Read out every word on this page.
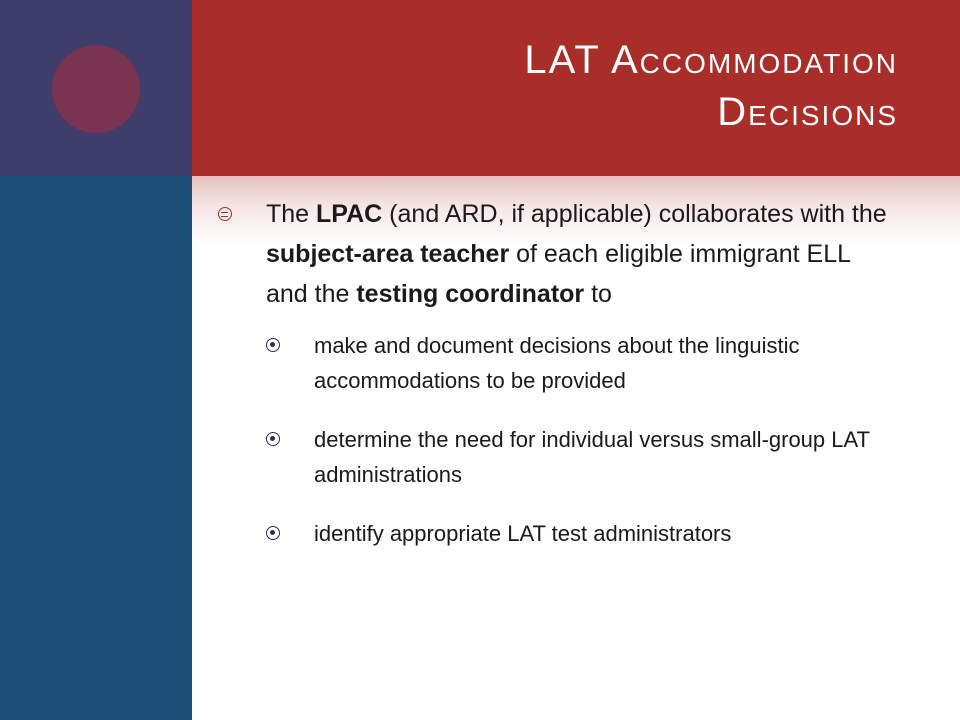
LAT Accommodation Decisions
The LPAC (and ARD, if applicable) collaborates with the subject-area teacher of each eligible immigrant ELL and the testing coordinator to
make and document decisions about the linguistic accommodations to be provided
determine the need for individual versus small-group LAT administrations
identify appropriate LAT test administrators
